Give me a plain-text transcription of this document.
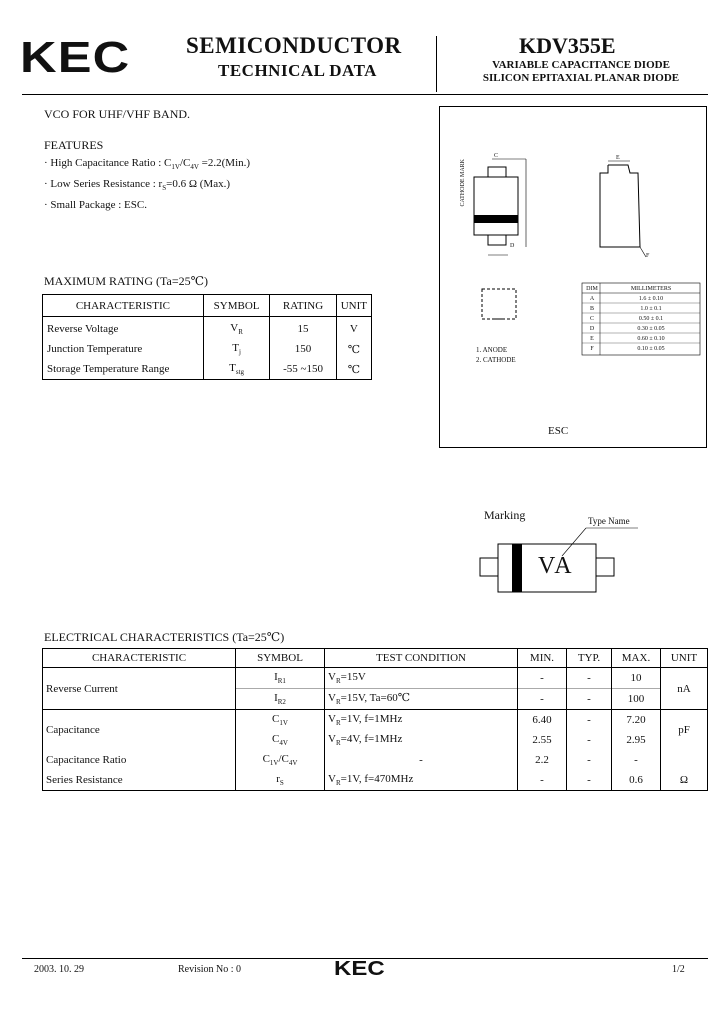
KEC SEMICONDUCTOR
TECHNICAL DATA
KDV355E
VARIABLE CAPACITANCE DIODE
SILICON EPITAXIAL PLANAR DIODE
VCO FOR UHF/VHF BAND.
FEATURES
· High Capacitance Ratio : $C_{1V}/C_{4V} =2.2(Min.)$
· Low Series Resistance : $r_S=0.6$ Ω (Max.)
· Small Package : ESC.
MAXIMUM RATING (Ta=25℃)
CHARACTERISTIC	SYMBOL	RATING	UNIT
Reverse Voltage	$V_R$	15	V
Junction Temperature	$T_j$	150	℃
Storage Temperature Range	$T_{stg}$	-55 ~150	℃
CATHODE MARK
C
D
E
F
DIM	MILLIMETERS
A	1.6 ± 0.10
B	1.0 ± 0.1
C	0.50 ± 0.1
D	0.30 ± 0.05
E	0.60 ± 0.10
F	0.10 ± 0.05
1. ANODE
2. CATHODE
ESC
Marking	Type Name
VA
ELECTRICAL CHARACTERISTICS (Ta=25℃)
CHARACTERISTIC	SYMBOL	TEST CONDITION	MIN.	TYP.	MAX.	UNIT
Reverse Current	$I_{R1}$	$V_R=15V$	-	-	10	nA
	$I_{R2}$	$V_R=15V$, Ta=60℃	-	-	100	
Capacitance	$C_{1V}$	$V_R=1V$, f=1MHz	6.40	-	7.20	pF
	$C_{4V}$	$V_R=4V$, f=1MHz	2.55	-	2.95	
Capacitance Ratio	$C_{1V}/C_{4V}$	-	2.2	-	-	
Series Resistance	$r_S$	$V_R=1V$, f=470MHz	-	-	0.6	Ω
2003. 10. 29	Revision No : 0	KEC	1/2
